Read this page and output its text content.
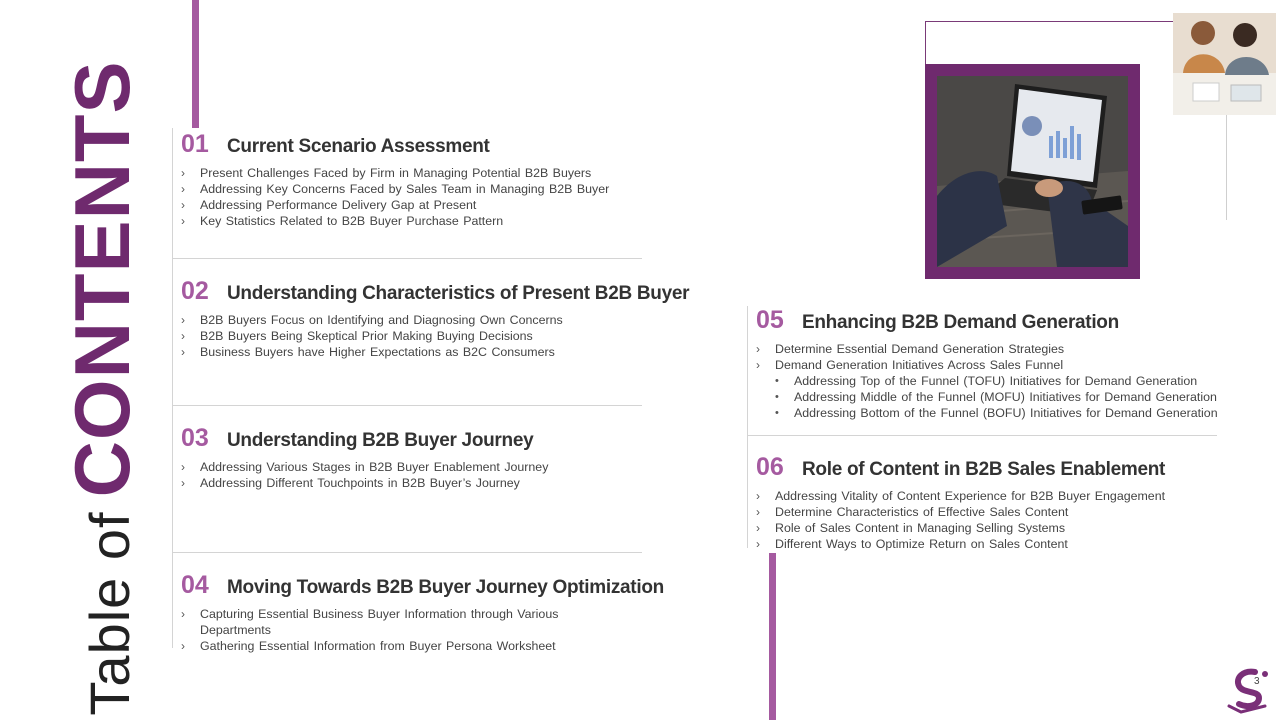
Table ofCONTENTS 01 Current Scenario Assessment
› Present Challenges Faced by Firm in Managing Potential B2B Buyers
› Addressing Key Concerns Faced by Sales Team in Managing B2B Buyer
› Addressing Performance Delivery Gap at Present
› Key Statistics Related to B2B Buyer Purchase Pattern
02 Understanding Characteristics of Present B2B Buyer
› B2B Buyers Focus on Identifying and Diagnosing Own Concerns
› B2B Buyers Being Skeptical Prior Making Buying Decisions
› Business Buyers have Higher Expectations as B2C Consumers
03 Understanding B2B Buyer Journey
› Addressing Various Stages in B2B Buyer Enablement Journey
› Addressing Different Touchpoints in B2B Buyer’s Journey
04 Moving Towards B2B Buyer Journey Optimization
› Capturing Essential Business Buyer Information through Various Departments
› Gathering Essential Information from Buyer Persona Worksheet
05 Enhancing B2B Demand Generation
› Determine Essential Demand Generation Strategies
› Demand Generation Initiatives Across Sales Funnel
• Addressing Top of the Funnel (TOFU) Initiatives for Demand Generation
• Addressing Middle of the Funnel (MOFU) Initiatives for Demand Generation
• Addressing Bottom of the Funnel (BOFU) Initiatives for Demand Generation
06 Role of Content in B2B Sales Enablement
› Addressing Vitality of Content Experience for B2B Buyer Engagement
› Determine Characteristics of Effective Sales Content
› Role of Sales Content in Managing Selling Systems
› Different Ways to Optimize Return on Sales Content
3
